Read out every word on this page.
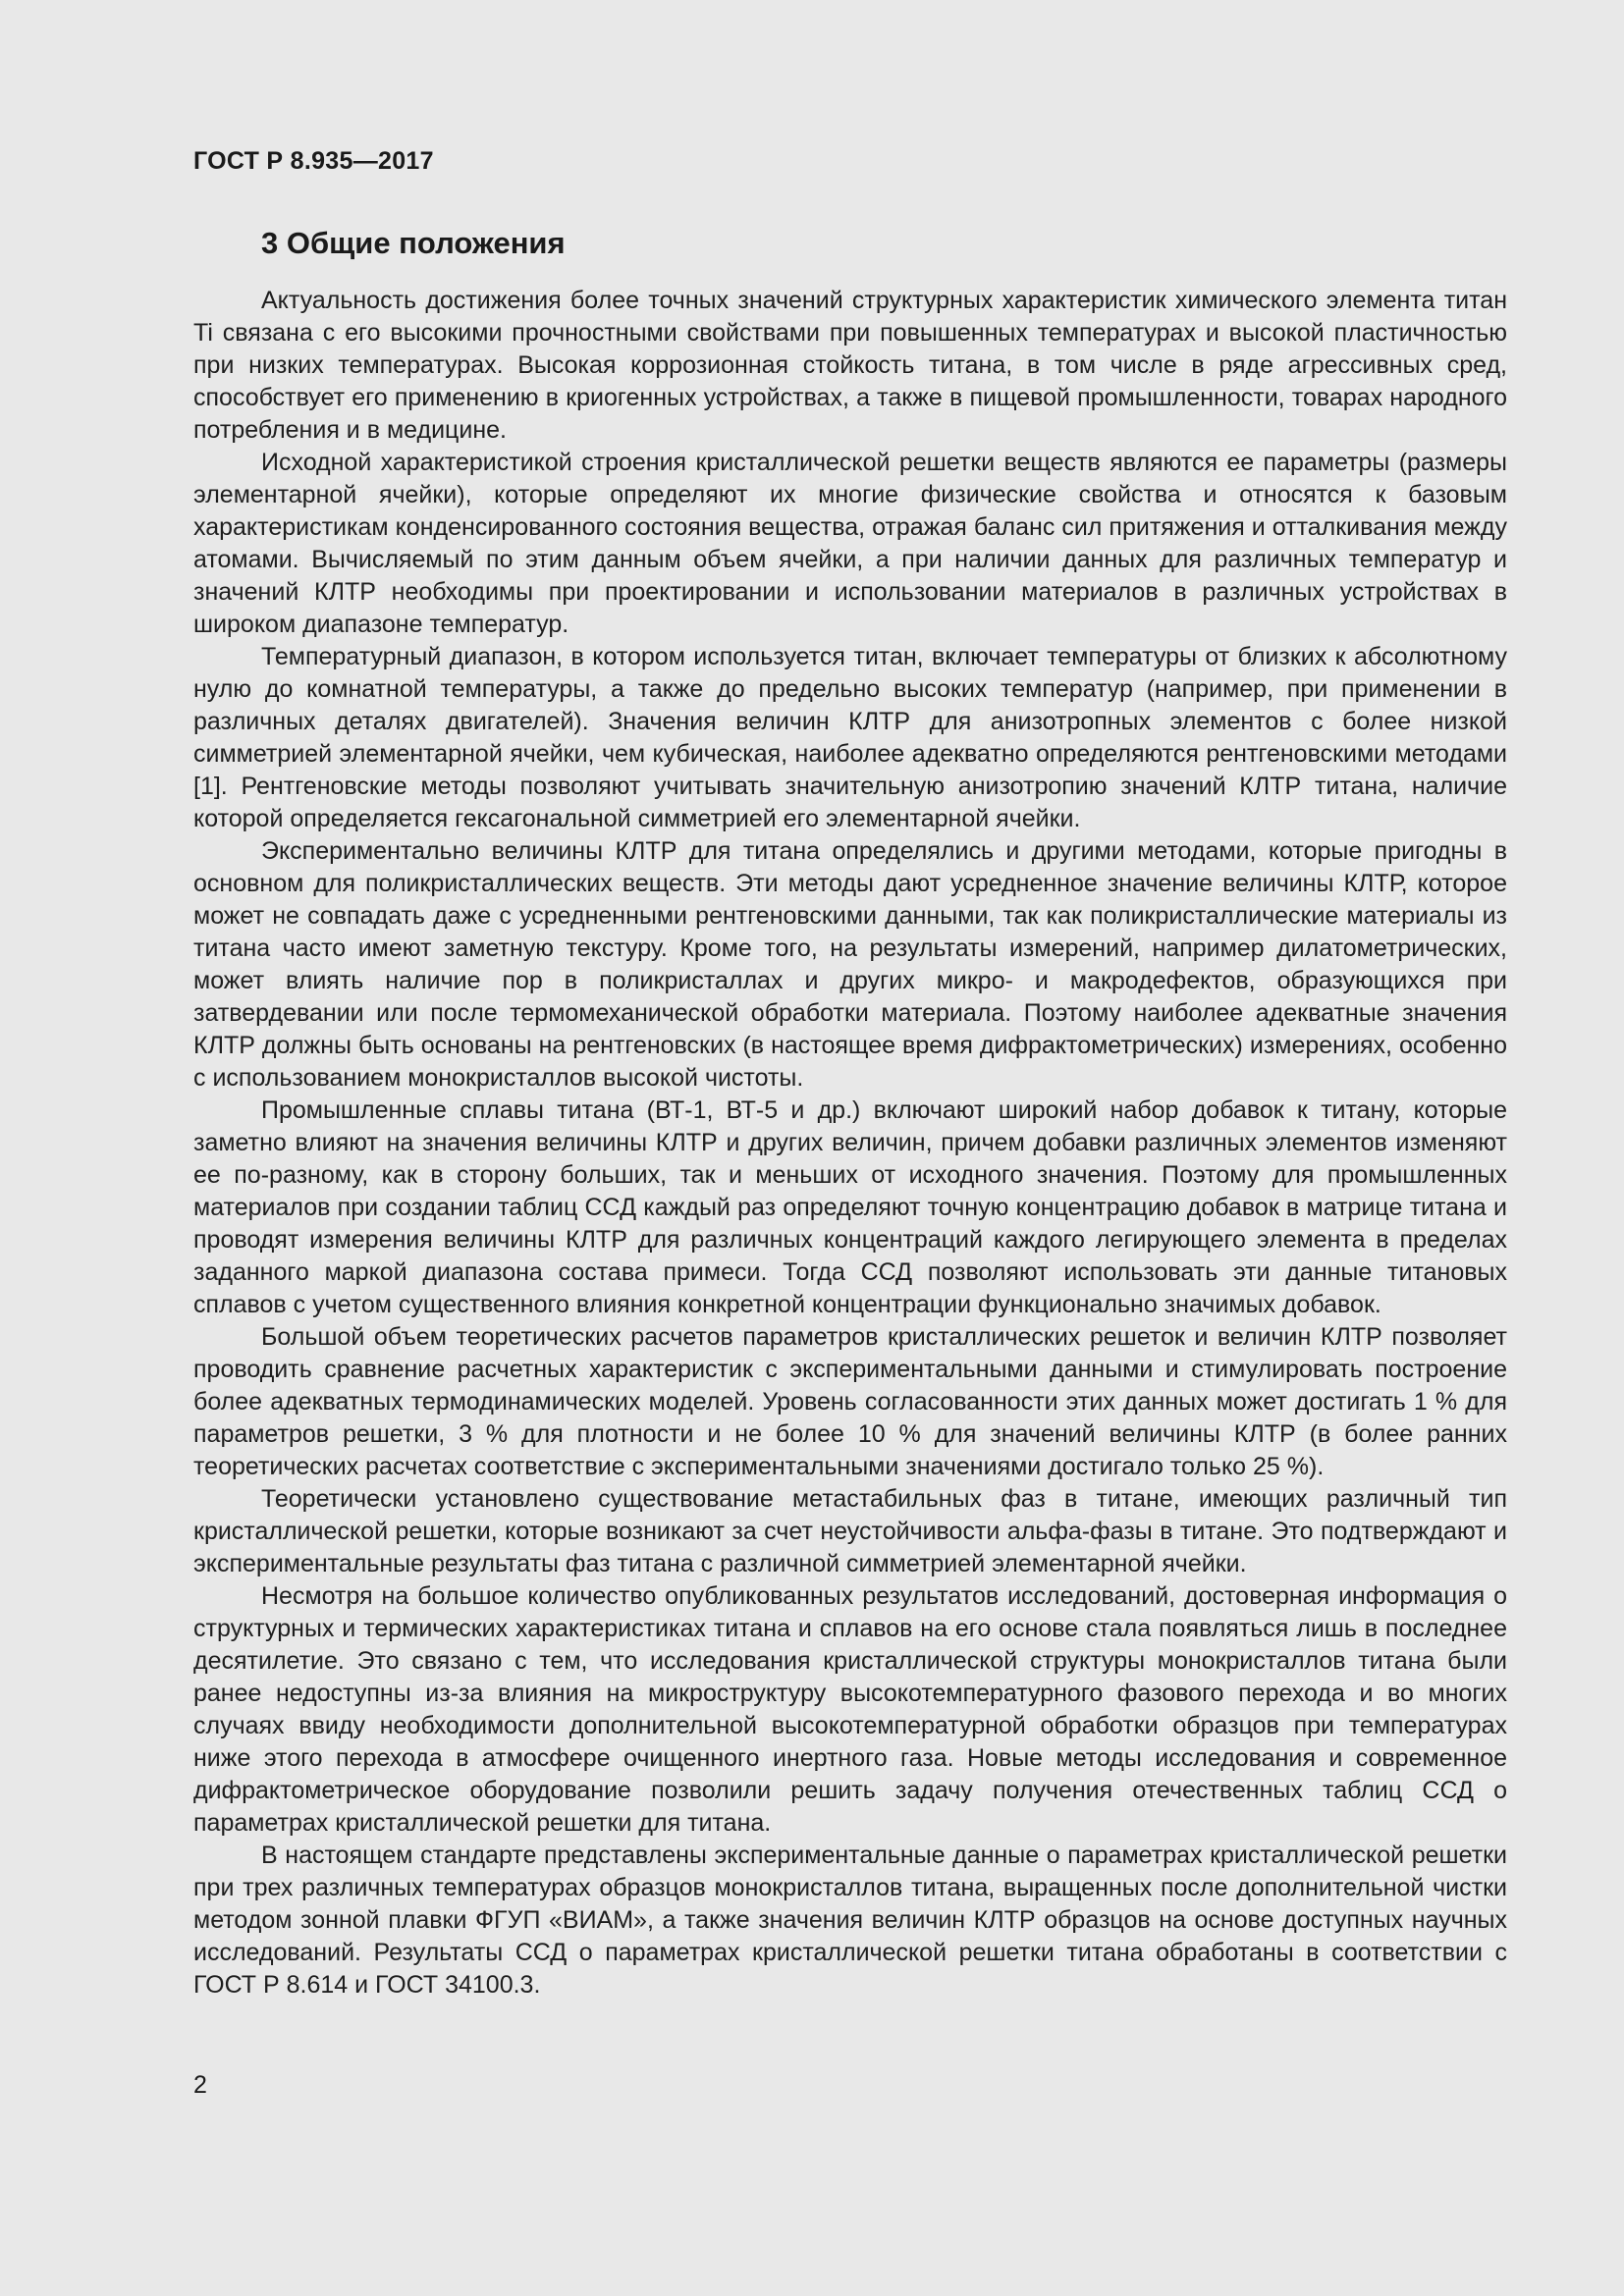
ГОСТ Р 8.935—2017
3 Общие положения

Актуальность достижения более точных значений структурных характеристик химического элемента титан Ti связана с его высокими прочностными свойствами при повышенных температурах и высокой пластичностью при низких температурах. Высокая коррозионная стойкость титана, в том числе в ряде агрессивных сред, способствует его применению в криогенных устройствах, а также в пищевой промышленности, товарах народного потребления и в медицине.

Исходной характеристикой строения кристаллической решетки веществ являются ее параметры (размеры элементарной ячейки), которые определяют их многие физические свойства и относятся к базовым характеристикам конденсированного состояния вещества, отражая баланс сил притяжения и отталкивания между атомами. Вычисляемый по этим данным объем ячейки, а при наличии данных для различных температур и значений КЛТР необходимы при проектировании и использовании материалов в различных устройствах в широком диапазоне температур.

Температурный диапазон, в котором используется титан, включает температуры от близких к абсолютному нулю до комнатной температуры, а также до предельно высоких температур (например, при применении в различных деталях двигателей). Значения величин КЛТР для анизотропных элементов с более низкой симметрией элементарной ячейки, чем кубическая, наиболее адекватно определяются рентгеновскими методами [1]. Рентгеновские методы позволяют учитывать значительную анизотропию значений КЛТР титана, наличие которой определяется гексагональной симметрией его элементарной ячейки.

Экспериментально величины КЛТР для титана определялись и другими методами, которые пригодны в основном для поликристаллических веществ. Эти методы дают усредненное значение величины КЛТР, которое может не совпадать даже с усредненными рентгеновскими данными, так как поликристаллические материалы из титана часто имеют заметную текстуру. Кроме того, на результаты измерений, например дилатометрических, может влиять наличие пор в поликристаллах и других микро- и макродефектов, образующихся при затвердевании или после термомеханической обработки материала. Поэтому наиболее адекватные значения КЛТР должны быть основаны на рентгеновских (в настоящее время дифрактометрических) измерениях, особенно с использованием монокристаллов высокой чистоты.

Промышленные сплавы титана (ВТ-1, ВТ-5 и др.) включают широкий набор добавок к титану, которые заметно влияют на значения величины КЛТР и других величин, причем добавки различных элементов изменяют ее по-разному, как в сторону больших, так и меньших от исходного значения. Поэтому для промышленных материалов при создании таблиц ССД каждый раз определяют точную концентрацию добавок в матрице титана и проводят измерения величины КЛТР для различных концентраций каждого легирующего элемента в пределах заданного маркой диапазона состава примеси. Тогда ССД позволяют использовать эти данные титановых сплавов с учетом существенного влияния конкретной концентрации функционально значимых добавок.

Большой объем теоретических расчетов параметров кристаллических решеток и величин КЛТР позволяет проводить сравнение расчетных характеристик с экспериментальными данными и стимулировать построение более адекватных термодинамических моделей. Уровень согласованности этих данных может достигать 1 % для параметров решетки, 3 % для плотности и не более 10 % для значений величины КЛТР (в более ранних теоретических расчетах соответствие с экспериментальными значениями достигало только 25 %).

Теоретически установлено существование метастабильных фаз в титане, имеющих различный тип кристаллической решетки, которые возникают за счет неустойчивости альфа-фазы в титане. Это подтверждают и экспериментальные результаты фаз титана с различной симметрией элементарной ячейки.

Несмотря на большое количество опубликованных результатов исследований, достоверная информация о структурных и термических характеристиках титана и сплавов на его основе стала появляться лишь в последнее десятилетие. Это связано с тем, что исследования кристаллической структуры монокристаллов титана были ранее недоступны из-за влияния на микроструктуру высокотемпературного фазового перехода и во многих случаях ввиду необходимости дополнительной высокотемпературной обработки образцов при температурах ниже этого перехода в атмосфере очищенного инертного газа. Новые методы исследования и современное дифрактометрическое оборудование позволили решить задачу получения отечественных таблиц ССД о параметрах кристаллической решетки для титана.

В настоящем стандарте представлены экспериментальные данные о параметрах кристаллической решетки при трех различных температурах образцов монокристаллов титана, выращенных после дополнительной чистки методом зонной плавки ФГУП «ВИАМ», а также значения величин КЛТР образцов на основе доступных научных исследований. Результаты ССД о параметрах кристаллической решетки титана обработаны в соответствии с ГОСТ Р 8.614 и ГОСТ 34100.3.

2
